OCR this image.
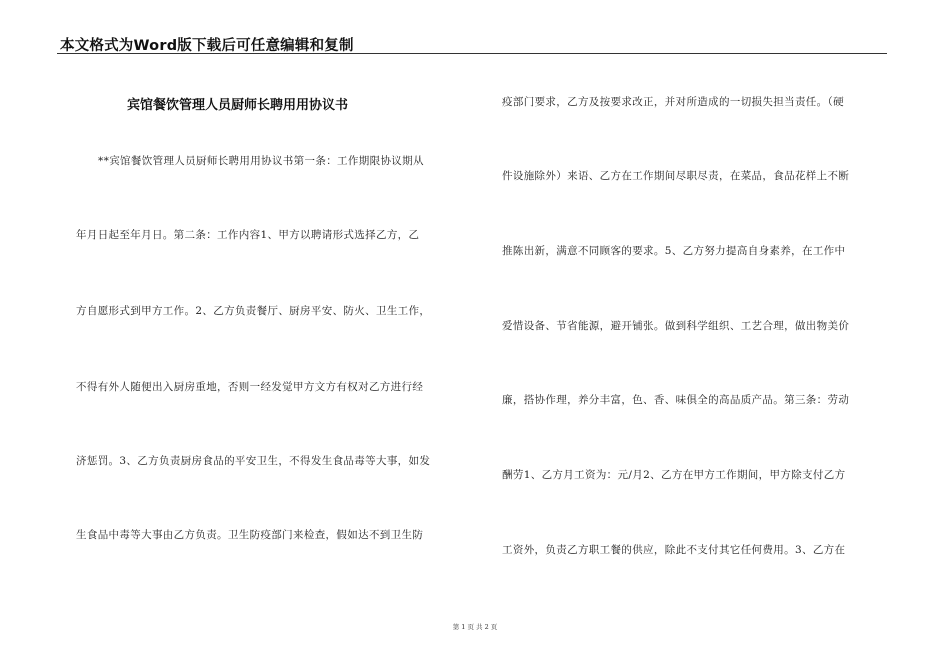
本文格式为Word版下载后可任意编辑和复制
宾馆餐饮管理人员厨师长聘用用协议书
**宾馆餐饮管理人员厨师长聘用用协议书第一条：工作期限协议期从
年月日起至年月日。第二条：工作内容1、甲方以聘请形式选择乙方，乙
方自愿形式到甲方工作。2、乙方负责餐厅、厨房平安、防火、卫生工作，
不得有外人随便出入厨房重地，否则一经发觉甲方文方有权对乙方进行经
济惩罚。3、乙方负责厨房食品的平安卫生，不得发生食品毒等大事，如发
生食品中毒等大事由乙方负责。卫生防疫部门来检查，假如达不到卫生防
疫部门要求，乙方及按要求改正，并对所造成的一切损失担当责任。（硬
件设施除外）来语、乙方在工作期间尽职尽责，在菜品，食品花样上不断
推陈出新，满意不同顾客的要求。5、乙方努力提高自身素养，在工作中
爱惜设备、节省能源，避开铺张。做到科学组织、工艺合理，做出物美价
廉，搭协作理，养分丰富，色、香、味俱全的高品质产品。第三条：劳动
酬劳1、乙方月工资为：元/月2、乙方在甲方工作期间，甲方除支付乙方
工资外，负责乙方职工餐的供应，除此不支付其它任何费用。3、乙方在
第 1 页 共 2 页
